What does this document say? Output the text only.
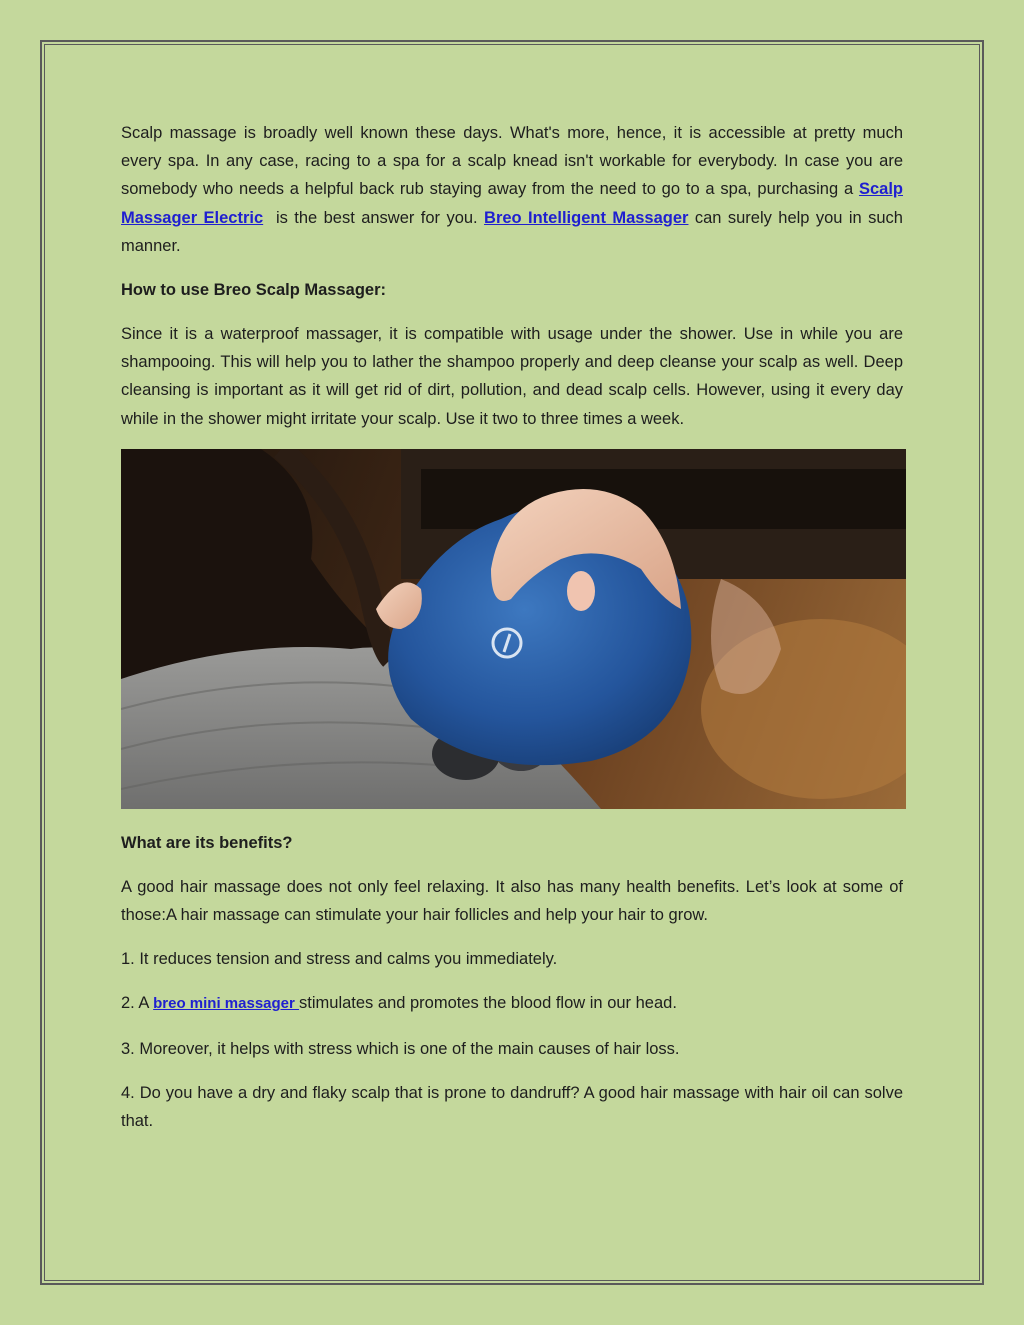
Scalp massage is broadly well known these days. What's more, hence, it is accessible at pretty much every spa. In any case, racing to a spa for a scalp knead isn't workable for everybody. In case you are somebody who needs a helpful back rub staying away from the need to go to a spa, purchasing a Scalp Massager Electric  is the best answer for you. Breo Intelligent Massager can surely help you in such manner.

How to use Breo Scalp Massager:

Since it is a waterproof massager, it is compatible with usage under the shower. Use in while you are shampooing. This will help you to lather the shampoo properly and deep cleanse your scalp as well. Deep cleansing is important as it will get rid of dirt, pollution, and dead scalp cells. However, using it every day while in the shower might irritate your scalp. Use it two to three times a week.

What are its benefits?

A good hair massage does not only feel relaxing. It also has many health benefits. Let’s look at some of those:A hair massage can stimulate your hair follicles and help your hair to grow.

1. It reduces tension and stress and calms you immediately.

2. A breo mini massager stimulates and promotes the blood flow in our head.

3. Moreover, it helps with stress which is one of the main causes of hair loss.

4. Do you have a dry and flaky scalp that is prone to dandruff? A good hair massage with hair oil can solve that.
